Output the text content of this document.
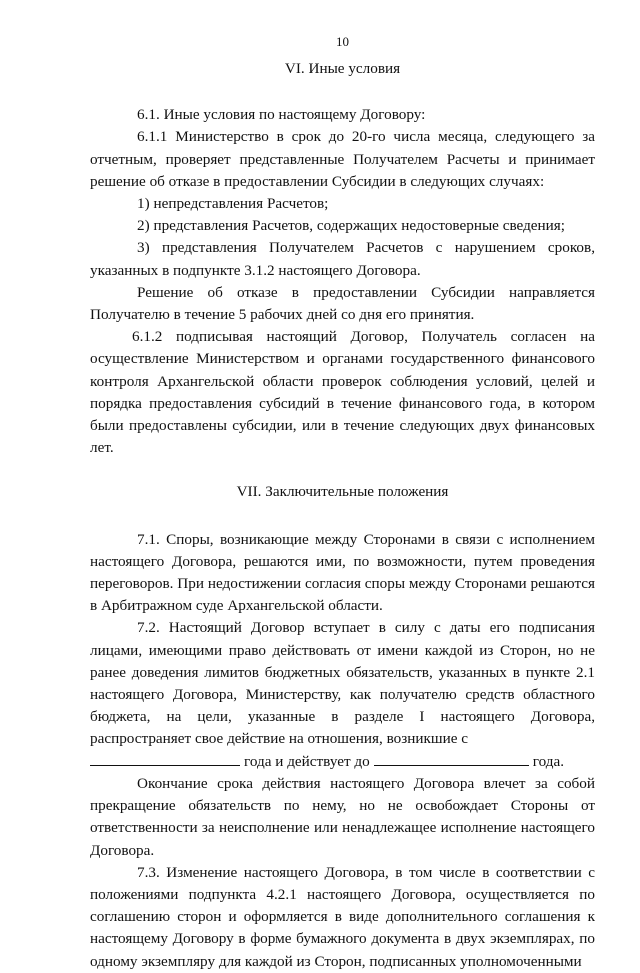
10
VI. Иные условия

6.1. Иные условия по настоящему Договору:

6.1.1 Министерство в срок до 20-го числа месяца, следующего за отчетным, проверяет представленные Получателем Расчеты и принимает решение об отказе в предоставлении Субсидии в следующих случаях:

1) непредставления Расчетов;

2) представления Расчетов, содержащих недостоверные сведения;

3) представления Получателем Расчетов с нарушением сроков, указанных в подпункте 3.1.2 настоящего Договора.

Решение об отказе в предоставлении Субсидии направляется Получателю в течение 5 рабочих дней со дня его принятия.

6.1.2 подписывая настоящий Договор, Получатель согласен на осуществление Министерством и органами государственного финансового контроля Архангельской области проверок соблюдения условий, целей и порядка предоставления субсидий в течение финансового года, в котором были предоставлены субсидии, или в течение следующих двух финансовых лет.

VII. Заключительные положения

7.1. Споры, возникающие между Сторонами в связи с исполнением настоящего Договора, решаются ими, по возможности, путем проведения переговоров. При недостижении согласия споры между Сторонами решаются в Арбитражном суде Архангельской области.

7.2. Настоящий Договор вступает в силу с даты его подписания лицами, имеющими право действовать от имени каждой из Сторон, но не ранее доведения лимитов бюджетных обязательств, указанных в пункте 2.1 настоящего Договора, Министерству, как получателю средств областного бюджета, на цели, указанные в разделе I настоящего Договора, распространяет свое действие на отношения, возникшие с

года и действует до	года.

Окончание срока действия настоящего Договора влечет за собой прекращение обязательств по нему, но не освобождает Стороны от ответственности за неисполнение или ненадлежащее исполнение настоящего Договора.

7.3. Изменение настоящего Договора, в том числе в соответствии с положениями подпункта 4.2.1 настоящего Договора, осуществляется по соглашению сторон и оформляется в виде дополнительного соглашения к настоящему Договору в форме бумажного документа в двух экземплярах, по одному экземпляру для каждой из Сторон, подписанных уполномоченными
